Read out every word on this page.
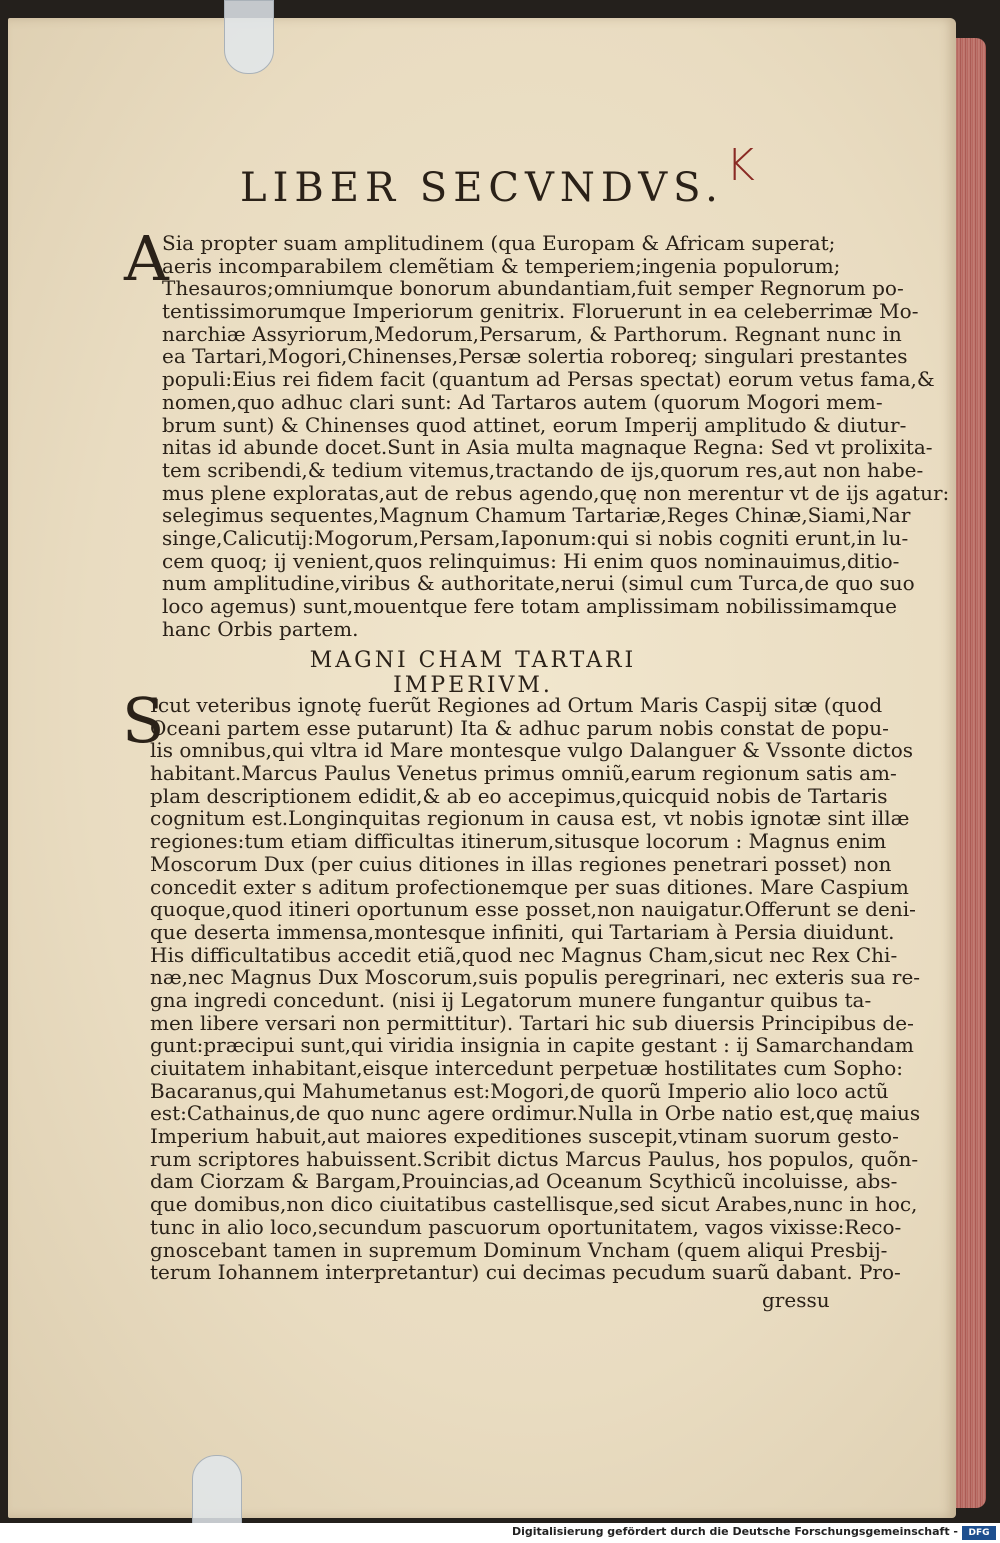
K
LIBER SECVNDVS.
A
Sia propter suam amplitudinem (qua Europam & Africam superat;
aeris incomparabilem clemẽtiam & temperiem;ingenia populorum;
Thesauros;omniumque bonorum abundantiam,fuit semper Regnorum po-
tentissimorumque Imperiorum genitrix. Floruerunt in ea celeberrimæ Mo-
narchiæ Assyriorum,Medorum,Persarum, & Parthorum. Regnant nunc in
ea Tartari,Mogori,Chinenses,Persæ solertia roboreq; singulari prestantes
populi:Eius rei fidem facit (quantum ad Persas spectat) eorum vetus fama,&
nomen,quo adhuc clari sunt: Ad Tartaros autem (quorum Mogori mem-
brum sunt) & Chinenses quod attinet, eorum Imperij amplitudo & diutur-
nitas id abunde docet.Sunt in Asia multa magnaque Regna: Sed vt prolixita-
tem scribendi,& tedium vitemus,tractando de ijs,quorum res,aut non habe-
mus plene exploratas,aut de rebus agendo,quę non merentur vt de ijs agatur:
selegimus sequentes,Magnum Chamum Tartariæ,Reges Chinæ,Siami,Nar
singe,Calicutij:Mogorum,Persam,Iaponum:qui si nobis cogniti erunt,in lu-
cem quoq; ij venient,quos relinquimus: Hi enim quos nominauimus,ditio-
num amplitudine,viribus & authoritate,nerui (simul cum Turca,de quo suo
loco agemus) sunt,mouentque fere totam amplissimam nobilissimamque
hanc Orbis partem.
MAGNI CHAM TARTARI IMPERIVM.
S
Icut veteribus ignotę fuerũt Regiones ad Ortum Maris Caspij sitæ (quod
Oceani partem esse putarunt) Ita & adhuc parum nobis constat de popu-
lis omnibus,qui vltra id Mare montesque vulgo Dalanguer & Vssonte dictos
habitant.Marcus Paulus Venetus primus omniũ,earum regionum satis am-
plam descriptionem edidit,& ab eo accepimus,quicquid nobis de Tartaris
cognitum est.Longinquitas regionum in causa est, vt nobis ignotæ sint illæ
regiones:tum etiam difficultas itinerum,situsque locorum : Magnus enim
Moscorum Dux (per cuius ditiones in illas regiones penetrari posset) non
concedit exter s aditum profectionemque per suas ditiones. Mare Caspium
quoque,quod itineri oportunum esse posset,non nauigatur.Offerunt se deni-
que deserta immensa,montesque infiniti, qui Tartariam à Persia diuidunt.
His difficultatibus accedit etiã,quod nec Magnus Cham,sicut nec Rex Chi-
næ,nec Magnus Dux Moscorum,suis populis peregrinari, nec exteris sua re-
gna ingredi concedunt. (nisi ij Legatorum munere fungantur quibus ta-
men libere versari non permittitur). Tartari hic sub diuersis Principibus de-
gunt:præcipui sunt,qui viridia insignia in capite gestant : ij Samarchandam
ciuitatem inhabitant,eisque intercedunt perpetuæ hostilitates cum Sopho:
Bacaranus,qui Mahumetanus est:Mogori,de quorũ Imperio alio loco actũ
est:Cathainus,de quo nunc agere ordimur.Nulla in Orbe natio est,quę maius
Imperium habuit,aut maiores expeditiones suscepit,vtinam suorum gesto-
rum scriptores habuissent.Scribit dictus Marcus Paulus, hos populos, quõn-
dam Ciorzam & Bargam,Prouincias,ad Oceanum Scythicũ incoluisse, abs-
que domibus,non dico ciuitatibus castellisque,sed sicut Arabes,nunc in hoc,
tunc in alio loco,secundum pascuorum oportunitatem, vagos vixisse:Reco-
gnoscebant tamen in supremum Dominum Vncham (quem aliqui Presbij-
terum Iohannem interpretantur) cui decimas pecudum suarũ dabant. Pro-
gressu
Digitalisierung gefördert durch die Deutsche Forschungsgemeinschaft -	DFG
